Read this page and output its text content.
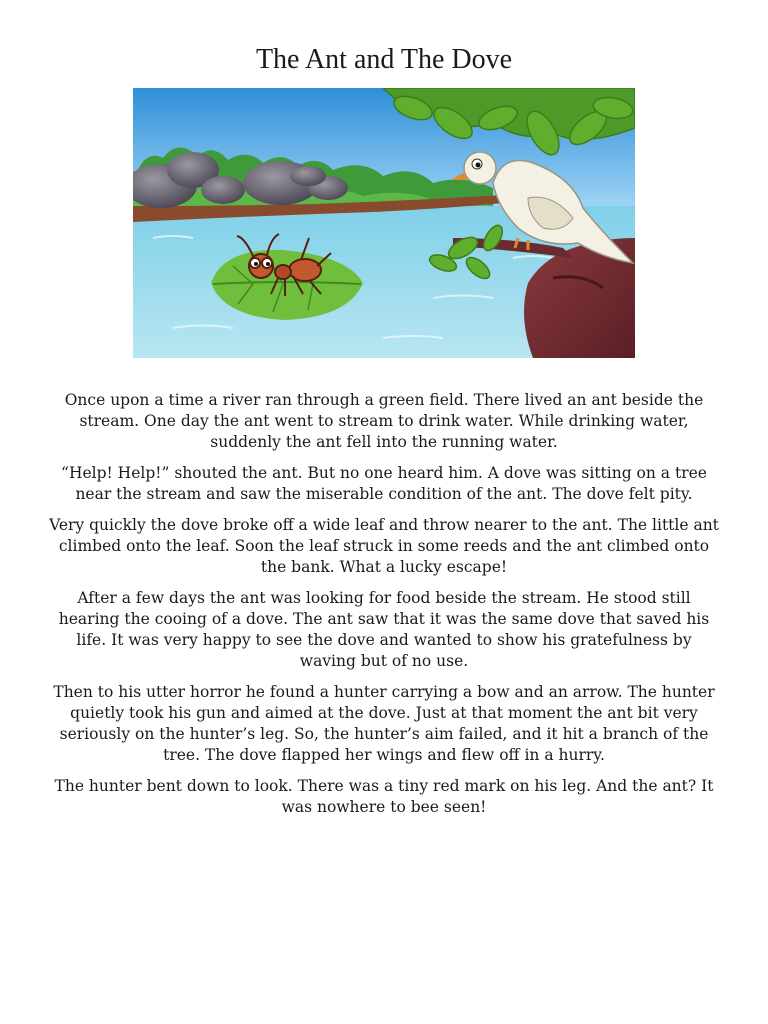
The Ant and The Dove

Once upon a time a river ran through a green field. There lived an ant beside the stream. One day the ant went to stream to drink water. While drinking water, suddenly the ant fell into the running water.

“Help! Help!” shouted the ant. But no one heard him. A dove was sitting on a tree near the stream and saw the miserable condition of the ant. The dove felt pity.

Very quickly the dove broke off a wide leaf and throw nearer to the ant. The little ant climbed onto the leaf. Soon the leaf struck in some reeds and the ant climbed onto the bank. What a lucky escape!

After a few days the ant was looking for food beside the stream. He stood still hearing the cooing of a dove. The ant saw that it was the same dove that saved his life. It was very happy to see the dove and wanted to show his gratefulness by waving but of no use.

Then to his utter horror he found a hunter carrying a bow and an arrow. The hunter quietly took his gun and aimed at the dove. Just at that moment the ant bit very seriously on the hunter’s leg. So, the hunter’s aim failed, and it hit a branch of the tree. The dove flapped her wings and flew off in a hurry.

The hunter bent down to look. There was a tiny red mark on his leg. And the ant? It was nowhere to bee seen!
